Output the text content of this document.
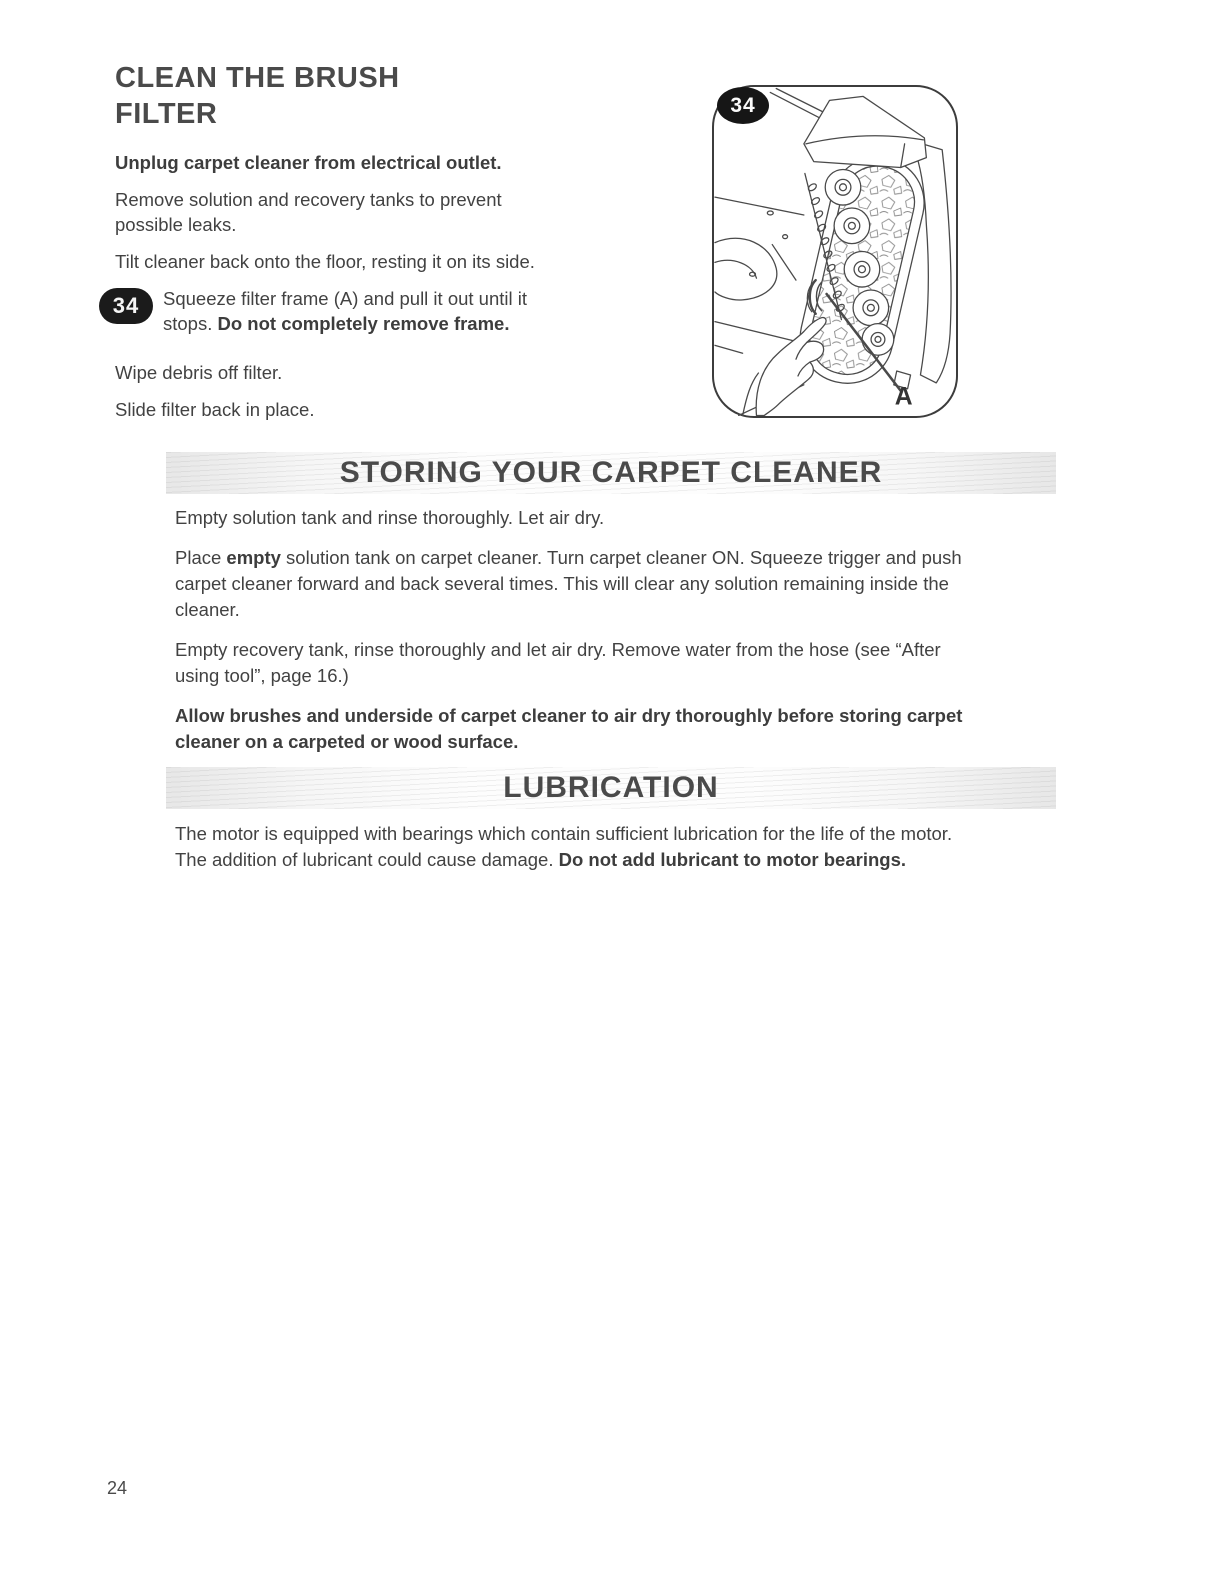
CLEAN THE BRUSH FILTER

Unplug carpet cleaner from electrical outlet.

Remove solution and recovery tanks to prevent possible leaks.

Tilt cleaner back onto the floor, resting it on its side.

34	Squeeze filter frame (A) and pull it out until it stops. Do not completely remove frame.

Wipe debris off filter.

Slide filter back in place.

34
A
STORING YOUR CARPET CLEANER

Empty solution tank and rinse thoroughly. Let air dry.

Place empty solution tank on carpet cleaner. Turn carpet cleaner ON. Squeeze trigger and push carpet cleaner forward and back several times. This will clear any solution remaining inside the cleaner.

Empty recovery tank, rinse thoroughly and let air dry. Remove water from the hose (see “After using tool”, page 16.)

Allow brushes and underside of carpet cleaner to air dry thoroughly before storing carpet cleaner on a carpeted or wood surface.

LUBRICATION

The motor is equipped with bearings which contain sufficient lubrication for the life of the motor. The addition of lubricant could cause damage. Do not add lubricant to motor bearings.

24
